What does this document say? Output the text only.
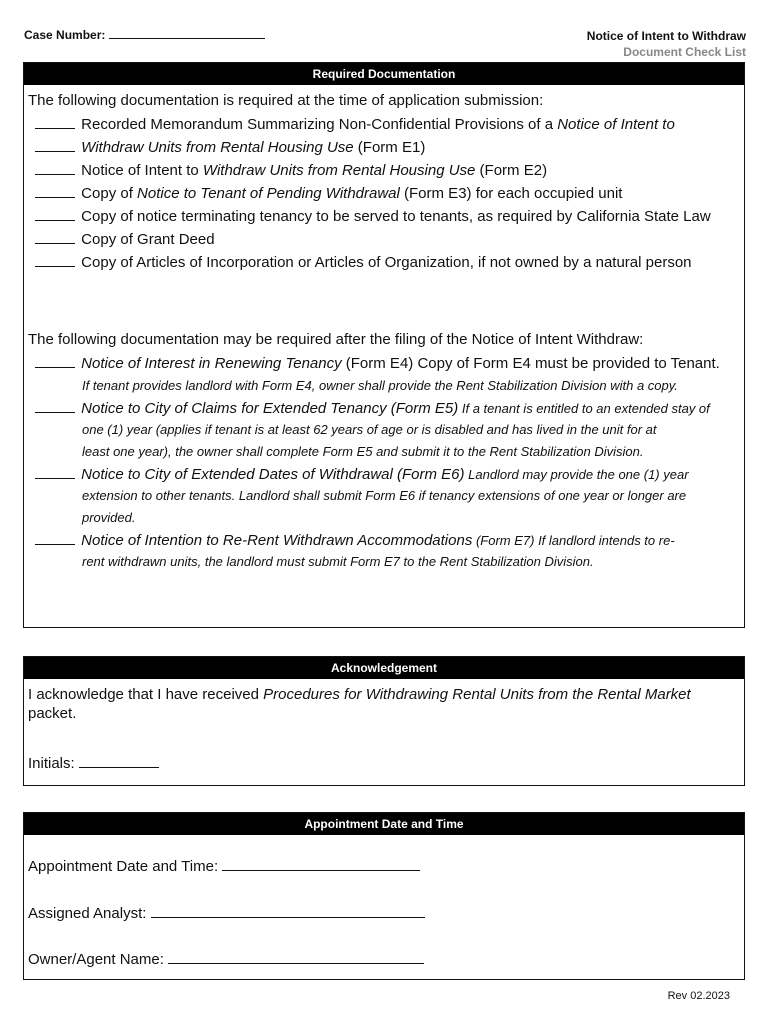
Case Number:	Notice of Intent to Withdraw
Document Check List
Required Documentation
The following documentation is required at the time of application submission:
Recorded Memorandum Summarizing Non-Confidential Provisions of a Notice of Intent to
Withdraw Units from Rental Housing Use (Form E1)
Notice of Intent to Withdraw Units from Rental Housing Use (Form E2)
Copy of Notice to Tenant of Pending Withdrawal (Form E3) for each occupied unit
Copy of notice terminating tenancy to be served to tenants, as required by California State Law
Copy of Grant Deed
Copy of Articles of Incorporation or Articles of Organization, if not owned by a natural person
The following documentation may be required after the filing of the Notice of Intent Withdraw:
Notice of Interest in Renewing Tenancy (Form E4) Copy of Form E4 must be provided to Tenant.
If tenant provides landlord with Form E4, owner shall provide the Rent Stabilization Division with a copy.
Notice to City of Claims for Extended Tenancy (Form E5) If a tenant is entitled to an extended stay of
one (1) year (applies if tenant is at least 62 years of age or is disabled and has lived in the unit for at
least one year), the owner shall complete Form E5 and submit it to the Rent Stabilization Division.
Notice to City of Extended Dates of Withdrawal (Form E6) Landlord may provide the one (1) year
extension to other tenants. Landlord shall submit Form E6 if tenancy extensions of one year or longer are
provided.
Notice of Intention to Re-Rent Withdrawn Accommodations (Form E7) If landlord intends to re-
rent withdrawn units, the landlord must submit Form E7 to the Rent Stabilization Division.
Acknowledgement
I acknowledge that I have received Procedures for Withdrawing Rental Units from the Rental Market
packet.
Initials:
Appointment Date and Time
Appointment Date and Time:
Assigned Analyst:
Owner/Agent Name:
Rev 02.2023
